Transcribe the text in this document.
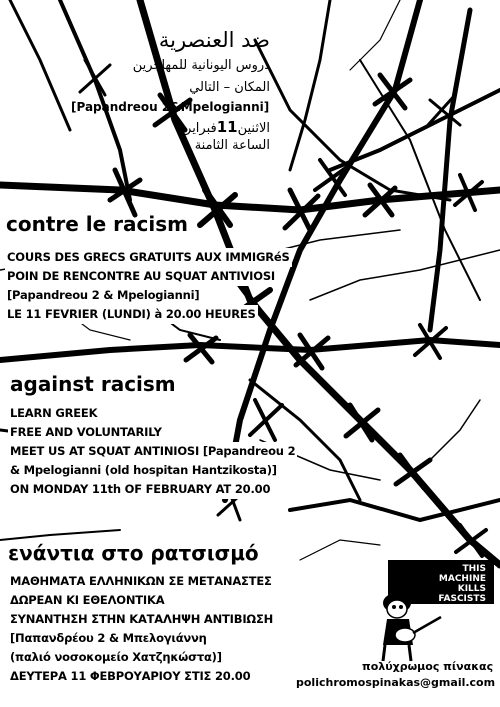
ضد العنصرية
دروس اليونانية للمهاجرين
المكان – التالي
[Papandreou 2&Mpelogianni]
الاثنين11فبراير
الساعة الثامنة
contre le racism
COURS DES GRECS GRATUITS AUX IMMIGRéS
POIN DE RENCONTRE AU SQUAT ANTIVIOSI
[Papandreou 2 & Mpelogianni]
LE 11 FEVRIER (LUNDI) à 20.00 HEURES
against racism
LEARN GREEK
FREE AND VOLUNTARILY
MEET US AT SQUAT ANTINIOSI [Papandreou 2
& Mpelogianni (old hospitan Hantzikosta)]
ON MONDAY 11th OF FEBRUARY AT 20.00
ενάντια στο ρατσισμό
ΜΑΘΗΜΑΤΑ ΕΛΛΗΝΙΚΩΝ ΣΕ ΜΕΤΑΝΑΣΤΕΣ
ΔΩΡΕΑΝ ΚΙ ΕΘΕΛΟΝΤΙΚΑ
ΣΥΝΑΝΤΗΣΗ ΣΤΗΝ ΚΑΤΑΛΗΨΗ ΑΝΤΙΒΙΩΣΗ
[Παπανδρέου 2 & Μπελογιάννη
(παλιό νοσοκομείο Χατζηκώστα)]
ΔΕΥΤΕΡΑ 11 ΦΕΒΡΟΥΑΡΙΟΥ ΣΤΙΣ 20.00
THIS
MACHINE
KILLS
FASCISTS
πολύχρωμος πίνακας
polichromospinakas@gmail.com
